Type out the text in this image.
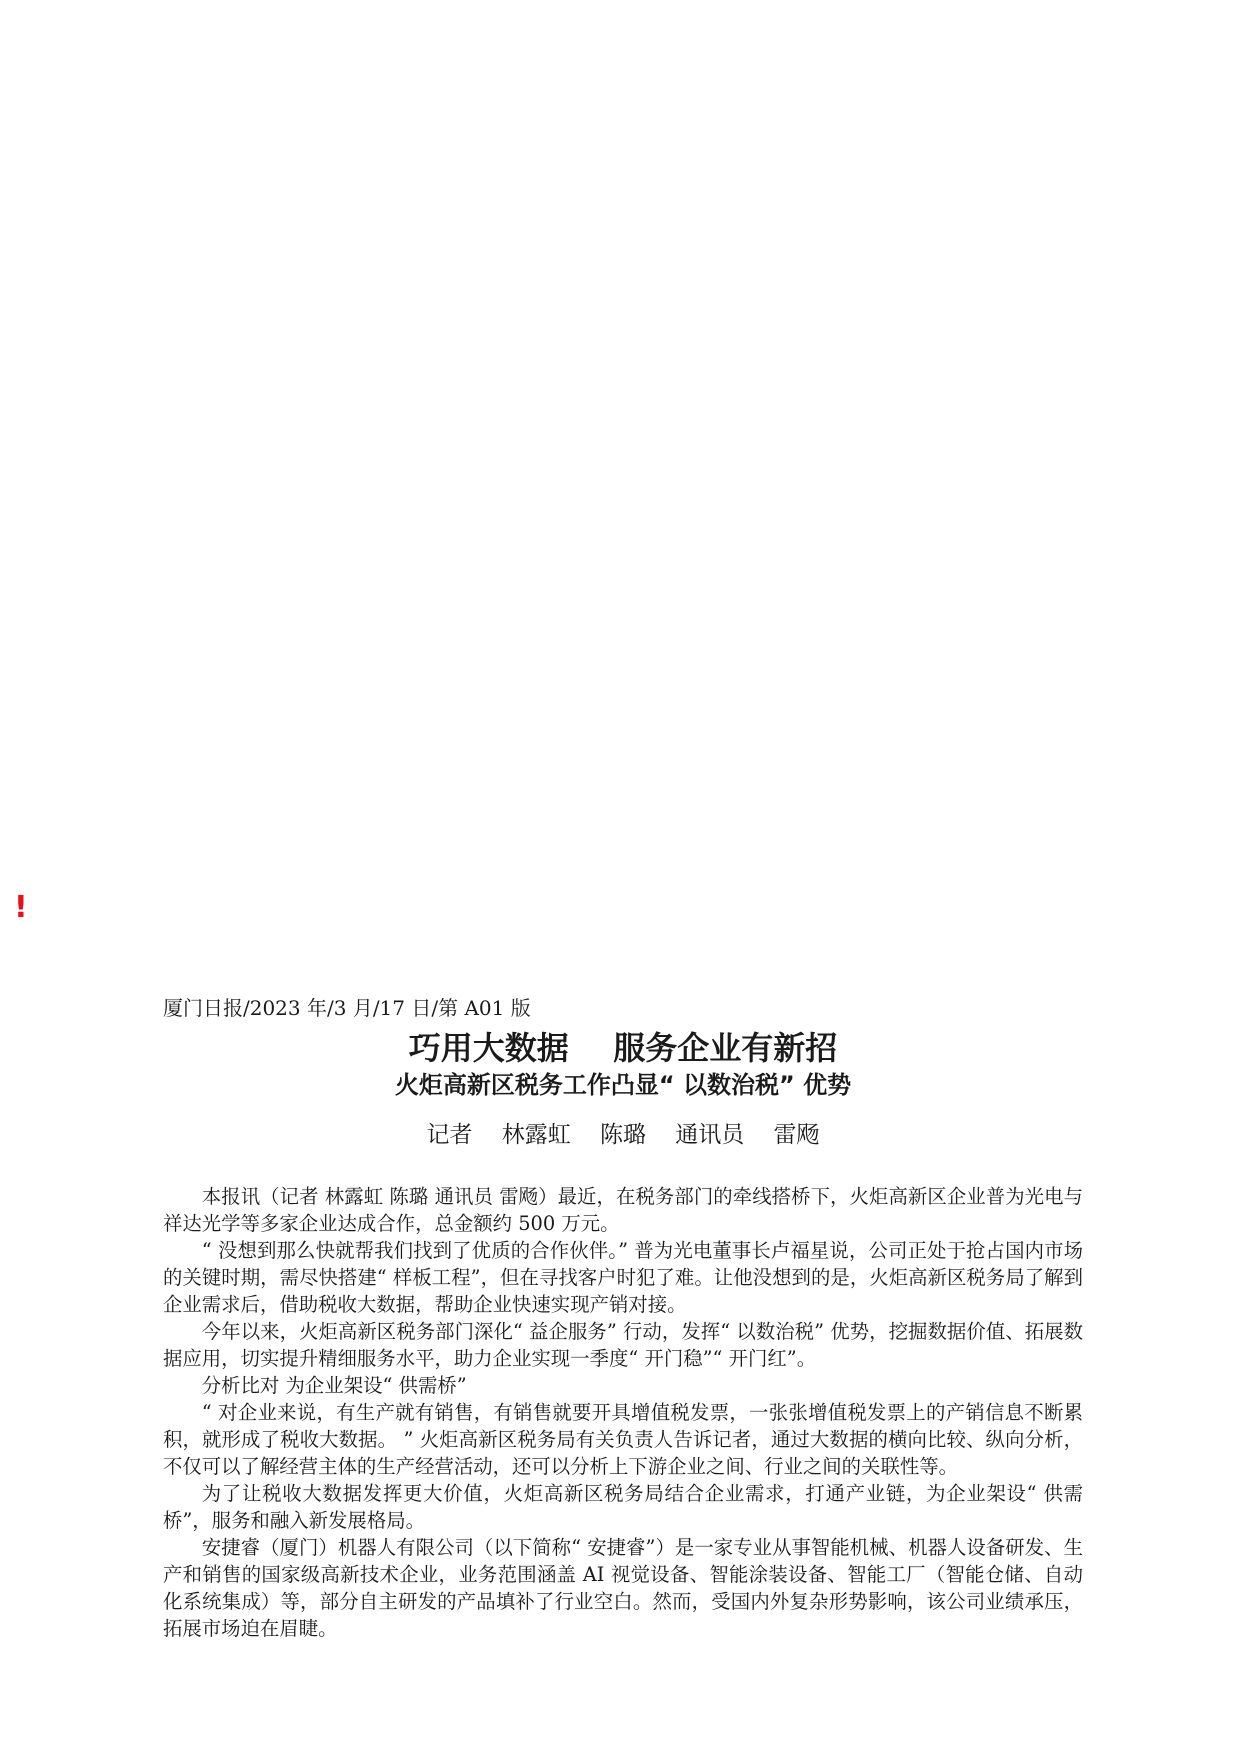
!

厦门日报/2023 年/3 月/17 日/第 A01 版

巧用大数据    服务企业有新招
火炬高新区税务工作凸显“ 以数治税” 优势

记者    林露虹    陈璐    通讯员    雷飏

本报讯（记者 林露虹 陈璐 通讯员 雷飏）最近，在税务部门的牵线搭桥下，火炬高新区企业普为光电与祥达光学等多家企业达成合作，总金额约 500 万元。

“ 没想到那么快就帮我们找到了优质的合作伙伴。” 普为光电董事长卢福星说，公司正处于抢占国内市场的关键时期，需尽快搭建“ 样板工程”，但在寻找客户时犯了难。让他没想到的是，火炬高新区税务局了解到企业需求后，借助税收大数据，帮助企业快速实现产销对接。

今年以来，火炬高新区税务部门深化“ 益企服务” 行动，发挥“ 以数治税” 优势，挖掘数据价值、拓展数据应用，切实提升精细服务水平，助力企业实现一季度“ 开门稳”“ 开门红”。

分析比对 为企业架设“ 供需桥”

“ 对企业来说，有生产就有销售，有销售就要开具增值税发票，一张张增值税发票上的产销信息不断累积，就形成了税收大数据。 ” 火炬高新区税务局有关负责人告诉记者，通过大数据的横向比较、纵向分析，不仅可以了解经营主体的生产经营活动，还可以分析上下游企业之间、行业之间的关联性等。

为了让税收大数据发挥更大价值，火炬高新区税务局结合企业需求，打通产业链，为企业架设“ 供需桥”，服务和融入新发展格局。

安捷睿（厦门）机器人有限公司（以下简称“ 安捷睿”）是一家专业从事智能机械、机器人设备研发、生产和销售的国家级高新技术企业，业务范围涵盖 AI 视觉设备、智能涂装设备、智能工厂（智能仓储、自动化系统集成）等，部分自主研发的产品填补了行业空白。然而，受国内外复杂形势影响，该公司业绩承压，拓展市场迫在眉睫。
